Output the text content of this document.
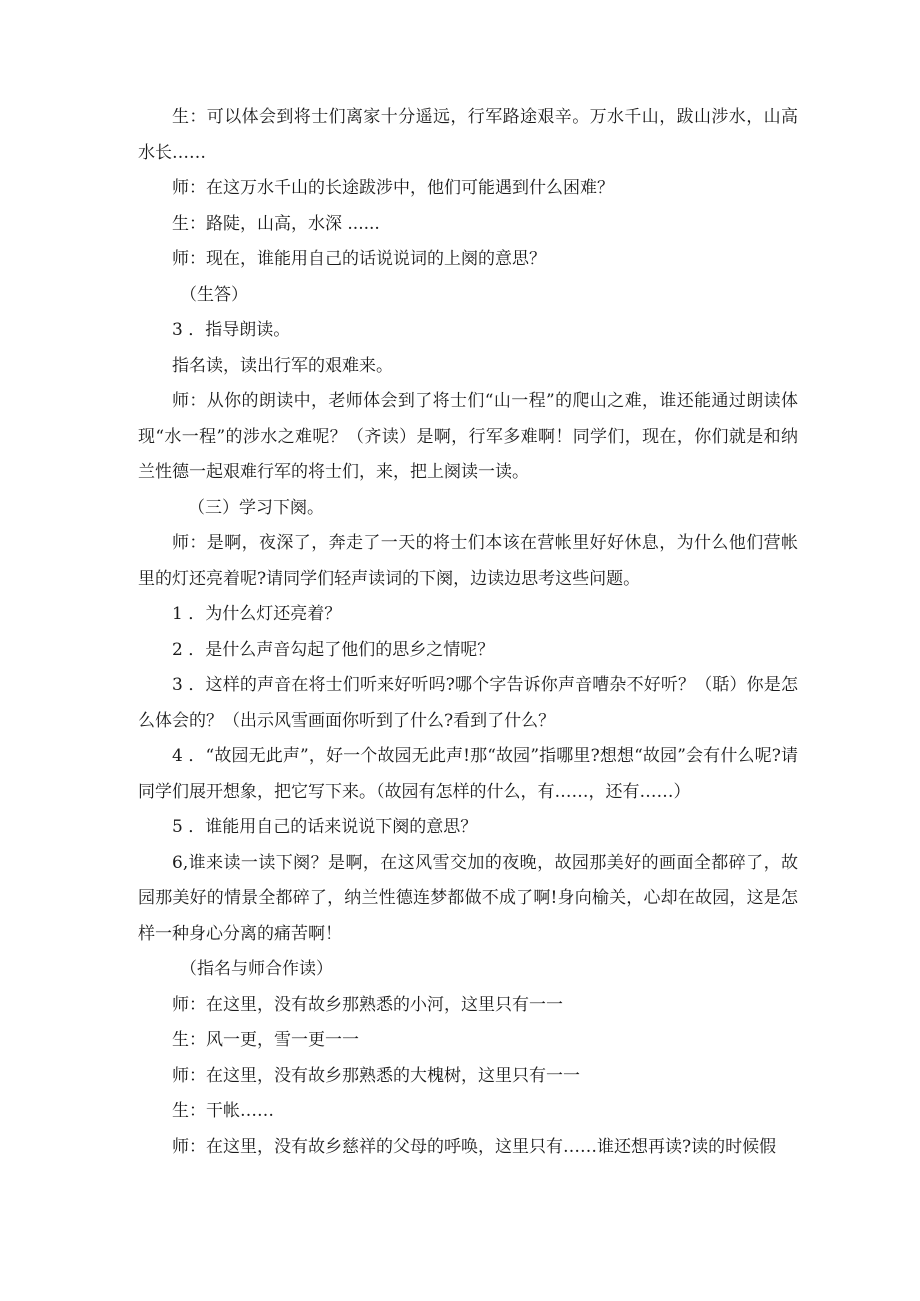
生：可以体会到将士们离家十分遥远，行军路途艰辛。万水千山，跋山涉水，山高水长……

师：在这万水千山的长途跋涉中，他们可能遇到什么困难？

生：路陡，山高，水深 ......

师：现在，谁能用自己的话说说词的上阕的意思？

（生答）

3 ．指导朗读。

指名读，读出行军的艰难来。

师：从你的朗读中，老师体会到了将士们“山一程”的爬山之难，谁还能通过朗读体现“水一程”的涉水之难呢？（齐读）是啊，行军多难啊！同学们，现在，你们就是和纳兰性德一起艰难行军的将士们，来，把上阕读一读。

（三）学习下阕。

师：是啊，夜深了，奔走了一天的将士们本该在营帐里好好休息，为什么他们营帐里的灯还亮着呢?请同学们轻声读词的下阕，边读边思考这些问题。

1 ．为什么灯还亮着？

2 ．是什么声音勾起了他们的思乡之情呢？

3 ．这样的声音在将士们听来好听吗?哪个字告诉你声音嘈杂不好听？（聒）你是怎么体会的？（出示风雪画面你听到了什么?看到了什么？

4 ．“故园无此声”，好一个故园无此声!那“故园”指哪里?想想“故园”会有什么呢?请同学们展开想象，把它写下来。（故园有怎样的什么，有……，还有……）

5 ．谁能用自己的话来说说下阕的意思？

6,谁来读一读下阕？是啊，在这风雪交加的夜晚，故园那美好的画面全都碎了，故园那美好的情景全都碎了，纳兰性德连梦都做不成了啊!身向榆关，心却在故园，这是怎样一种身心分离的痛苦啊！

（指名与师合作读）

师：在这里，没有故乡那熟悉的小河，这里只有一一

生：风一更，雪一更一一

师：在这里，没有故乡那熟悉的大槐树，这里只有一一

生：干帐……

师：在这里，没有故乡慈祥的父母的呼唤，这里只有……谁还想再读?读的时候假
